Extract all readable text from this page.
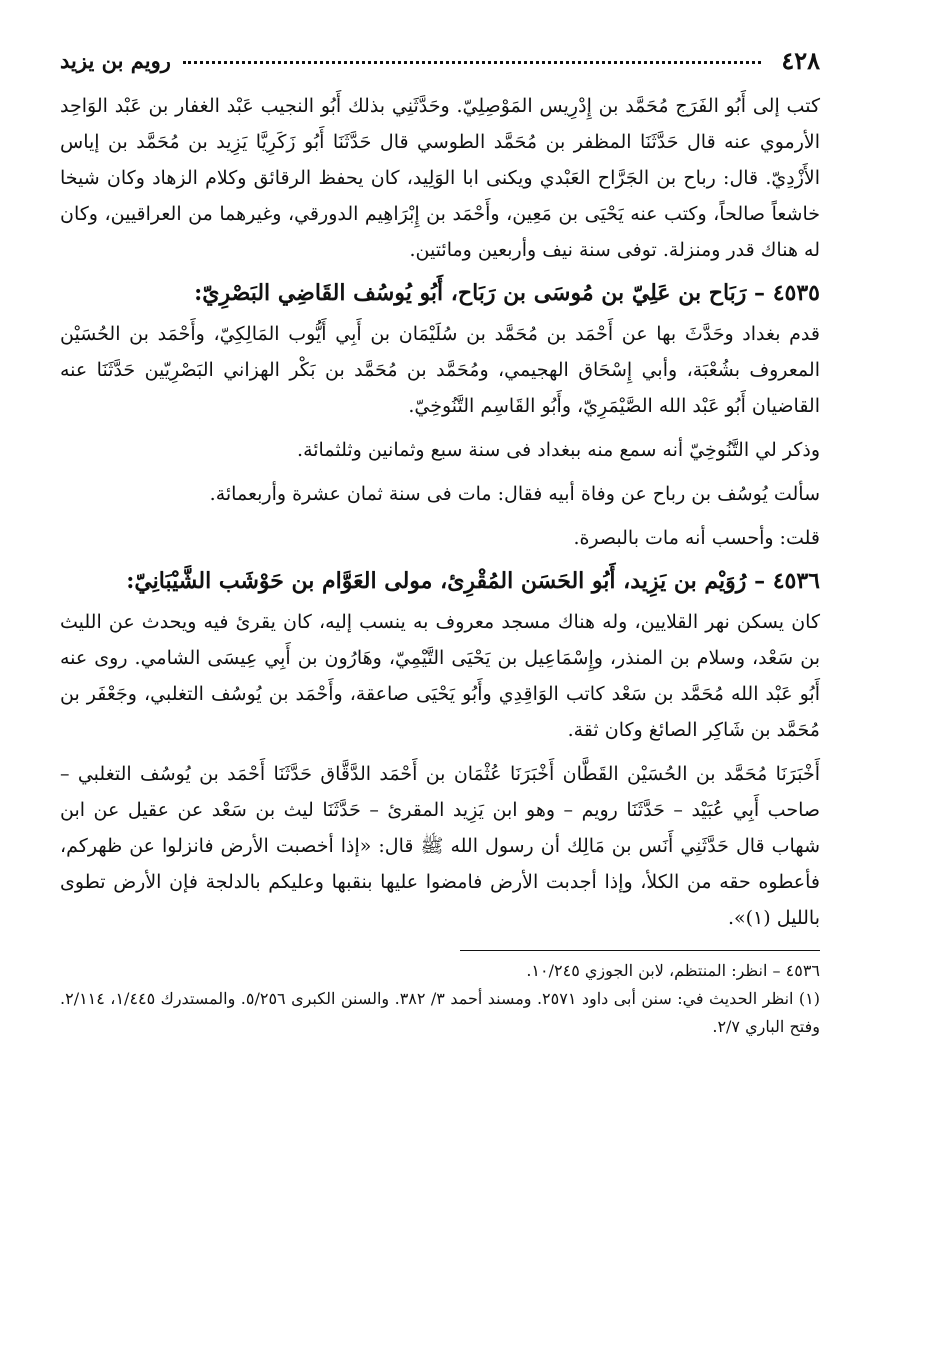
٤٢٨
رويم بن يزيد

كتب إلى أَبُو الفَرَج مُحَمَّد بن إِدْرِيس المَوْصِلِيّ. وحَدَّثَنِي بذلك أَبُو النجيب عَبْد الغفار بن عَبْد الوَاحِد الأرموي عنه قال حَدَّثَنَا المظفر بن مُحَمَّد الطوسي قال حَدَّثَنَا أَبُو زَكَرِيَّا يَزِيد بن مُحَمَّد بن إياس الأَزْدِيّ. قال: رباح بن الجَرَّاح العَبْدي ويكنى ابا الوَلِيد، كان يحفظ الرقائق وكلام الزهاد وكان شيخا خاشعاً صالحاً، وكتب عنه يَحْيَى بن مَعِين، وأَحْمَد بن إِبْرَاهِيم الدورقي، وغيرهما من العراقيين، وكان له هناك قدر ومنزلة. توفى سنة نيف وأربعين ومائتين.

٤٥٣٥ – رَبَاح بن عَلِيّ بن مُوسَى بن رَبَاح، أَبُو يُوسُف القَاضِي البَصْرِيّ:

قدم بغداد وحَدَّثَ بها عن أَحْمَد بن مُحَمَّد بن سُلَيْمَان بن أَبِي أَيُّوب المَالِكِيّ، وأَحْمَد بن الحُسَيْن المعروف بشُعْبَة، وأبي إِسْحَاق الهجيمي، ومُحَمَّد بن مُحَمَّد بن بَكْر الهزاني البَصْرِيّين حَدَّثَنَا عنه القاضيان أَبُو عَبْد الله الصَّيْمَرِيّ، وأَبُو القَاسِم التَّنُوخِيّ.

وذكر لي التَّنُوخِيّ أنه سمع منه ببغداد فى سنة سبع وثمانين وثلثمائة.

سألت يُوسُف بن رباح عن وفاة أبيه فقال: مات فى سنة ثمان عشرة وأربعمائة.

قلت: وأحسب أنه مات بالبصرة.

٤٥٣٦ – رُوَيْم بن يَزِيد، أَبُو الحَسَن المُقْرِئ، مولى العَوَّام بن حَوْشَب الشَّيْبَانِيّ:

كان يسكن نهر القلايين، وله هناك مسجد معروف به ينسب إليه، كان يقرئ فيه ويحدث عن الليث بن سَعْد، وسلام بن المنذر، وإِسْمَاعِيل بن يَحْيَى التَّيْمِيّ، وهَارُون بن أَبِي عِيسَى الشامي. روى عنه أَبُو عَبْد الله مُحَمَّد بن سَعْد كاتب الوَاقِدِي وأَبُو يَحْيَى صاعقة، وأَحْمَد بن يُوسُف التغلبي، وجَعْفَر بن مُحَمَّد بن شَاكِر الصائغ وكان ثقة.

أَخْبَرَنَا مُحَمَّد بن الحُسَيْن القَطَّان أَخْبَرَنَا عُثْمَان بن أَحْمَد الدَّقَّاق حَدَّثَنَا أَحْمَد بن يُوسُف التغلبي – صاحب أَبِي عُبَيْد – حَدَّثَنَا رويم – وهو ابن يَزِيد المقرئ – حَدَّثَنَا ليث بن سَعْد عن عقيل عن ابن شهاب قال حَدَّثَنِي أَنَس بن مَالِك أن رسول الله ﷺ قال: «إذا أخصبت الأرض فانزلوا عن ظهركم، فأعطوه حقه من الكلأ، وإذا أجدبت الأرض فامضوا عليها بنقبها وعليكم بالدلجة فإن الأرض تطوى بالليل (١)».

٤٥٣٦ – انظر: المنتظم، لابن الجوزي ١٠/٢٤٥.

(١) انظر الحديث في: سنن أبى داود ٢٥٧١. ومسند أحمد ٣/ ٣٨٢. والسنن الكبرى ٥/٢٥٦. والمستدرك ١/٤٤٥، ٢/١١٤. وفتح الباري ٢/٧.
